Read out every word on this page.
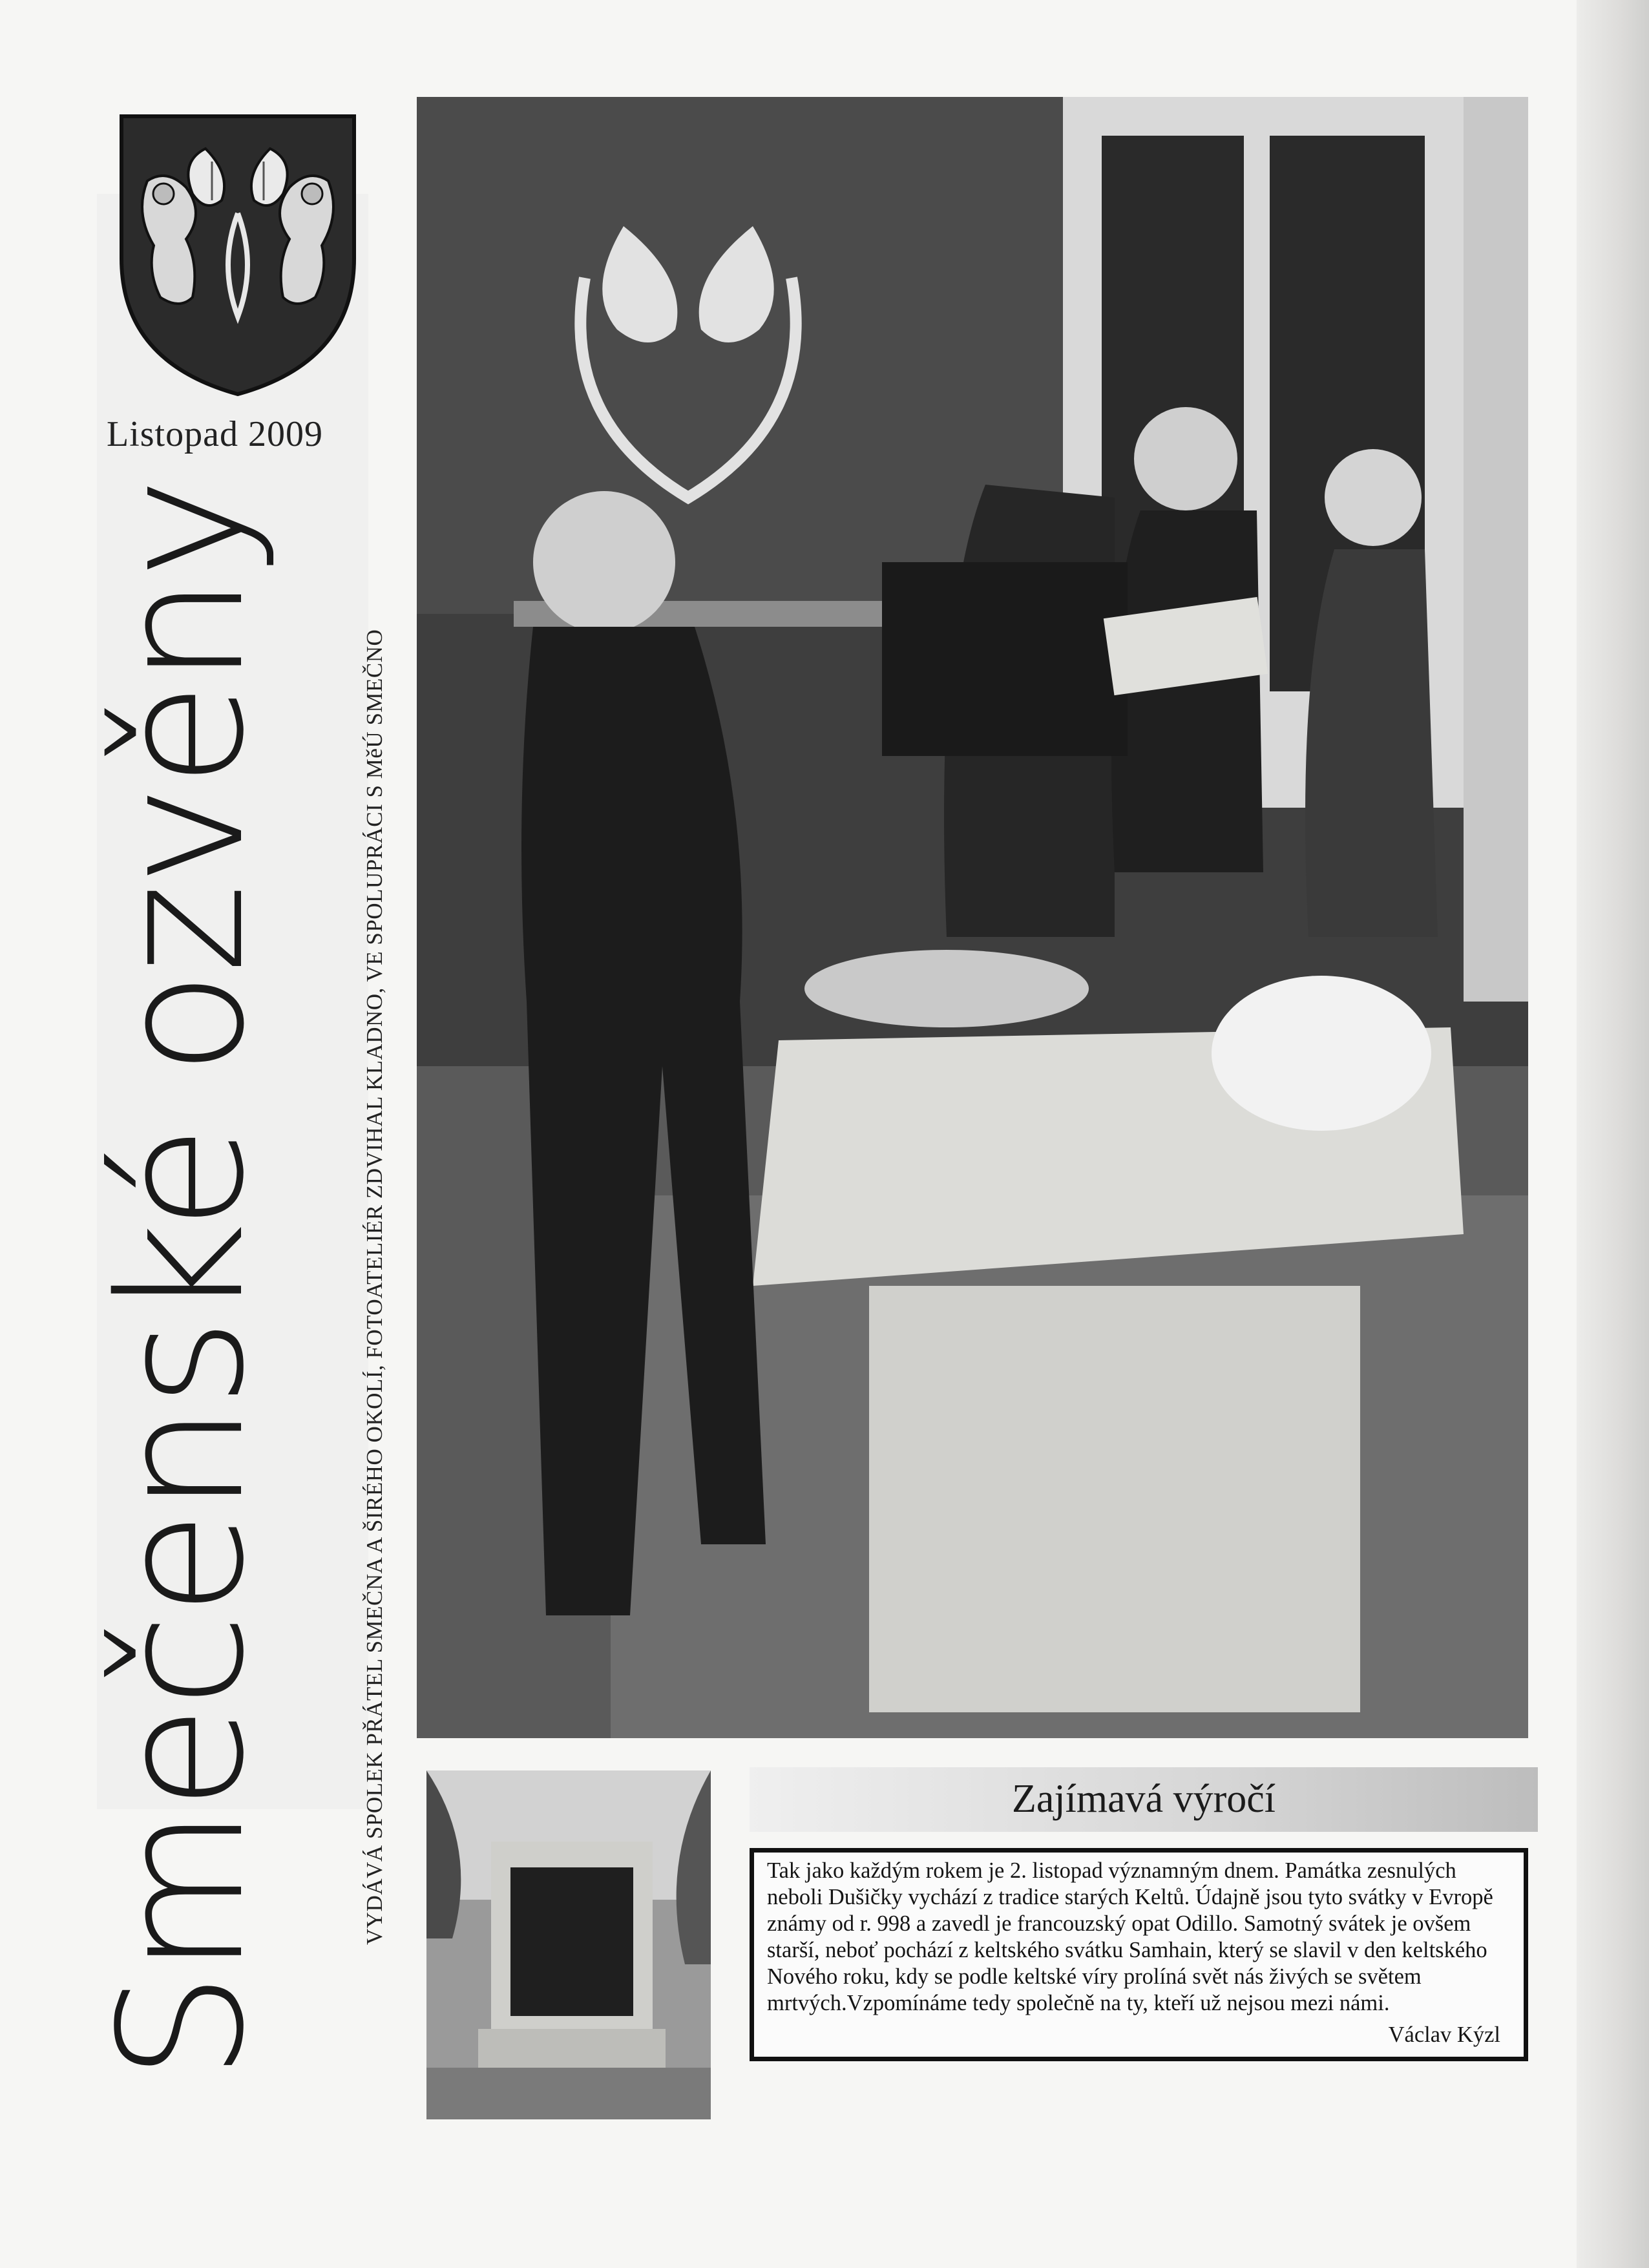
Listopad 2009
Smečenské ozvěny	VYDÁVÁ SPOLEK PŘÁTEL SMEČNA A ŠIRÉHO OKOLÍ, FOTOATELIÉR ZDVIHAL KLADNO, VE SPOLUPRÁCI S MěÚ SMEČNO	Zajímavá výročí
Tak jako každým rokem je 2. listopad významným dnem. Památka zesnulých neboli Dušičky vychází z tradice starých Keltů. Údajně jsou tyto svátky v Evropě známy od r. 998 a zavedl je francouzský opat Odillo. Samotný svátek je ovšem starší, neboť pochází z keltského svátku Samhain, který se slavil v den keltského Nového roku, kdy se podle keltské víry prolíná svět nás živých se světem mrtvých.Vzpomínáme tedy společně na ty, kteří už nejsou mezi námi.
Václav Kýzl
